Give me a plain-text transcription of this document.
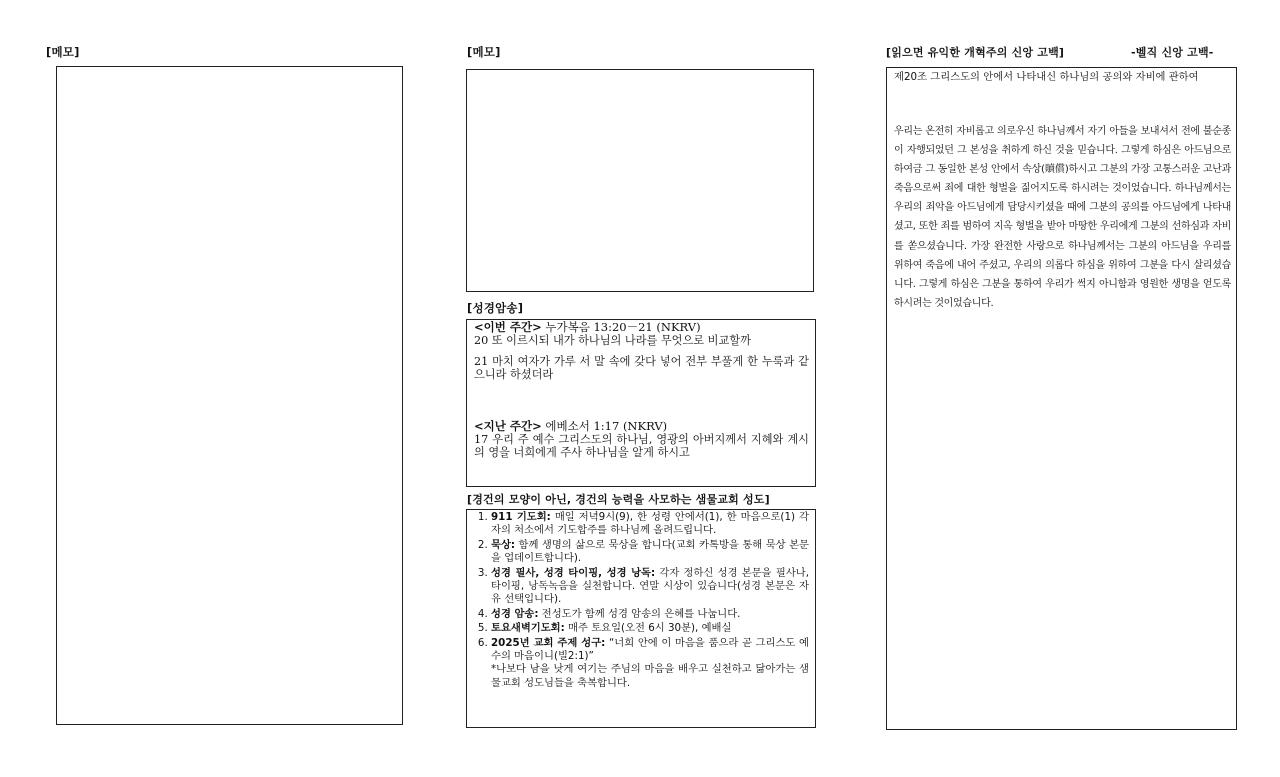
[메모]	[메모]
[성경암송]
<이번 주간> 누가복음 13:20－21 (NKRV)
20 또 이르시되 내가 하나님의 나라를 무엇으로 비교할까
21 마치 여자가 가루 서 말 속에 갖다 넣어 전부 부풀게 한 누룩과 같으니라 하셨더라
<지난 주간> 에베소서 1:17 (NKRV)
17 우리 주 예수 그리스도의 하나님, 영광의 아버지께서 지혜와 계시의 영을 너희에게 주사 하나님을 알게 하시고
[경건의 모양이 아닌, 경건의 능력을 사모하는 샘물교회 성도]
1. 911 기도회: 매일 저녁9시(9), 한 성령 안에서(1), 한 마음으로(1) 각자의 처소에서 기도합주를 하나님께 올려드립니다.
2. 묵상: 함께 생명의 삶으로 묵상을 합니다(교회 카톡방을 통해 묵상 본문을 업데이트합니다).
3. 성경 필사, 성경 타이핑, 성경 낭독: 각자 정하신 성경 본문을 필사나, 타이핑, 낭독녹음을 실천합니다. 연말 시상이 있습니다(성경 본문은 자유 선택입니다).
4. 성경 암송: 전성도가 함께 성경 암송의 은혜를 나눕니다.
5. 토요새벽기도회: 매주 토요일(오전 6시 30분), 예배실
6. 2025년 교회 주제 성구: “너희 안에 이 마음을 품으라 곧 그리스도 예수의 마음이니(빌2:1)”
*나보다 남을 낫게 여기는 주님의 마음을 배우고 실천하고 닮아가는 샘물교회 성도님들을 축복합니다.
[읽으면 유익한 개혁주의 신앙 고백]	-벨직 신앙 고백-
제20조 그리스도의 안에서 나타내신 하나님의 공의와 자비에 관하여
우리는 온전히 자비롭고 의로우신 하나님께서 자기 아들을 보내셔서 전에 불순종이 자행되었던 그 본성을 취하게 하신 것을 믿습니다. 그렇게 하심은 아드님으로 하여금 그 동일한 본성 안에서 속상(贖償)하시고 그분의 가장 고통스러운 고난과 죽음으로써 죄에 대한 형벌을 짊어지도록 하시려는 것이었습니다. 하나님께서는 우리의 죄악을 아드님에게 담당시키셨을 때에 그분의 공의를 아드님에게 나타내셨고, 또한 죄를 범하여 지옥 형벌을 받아 마땅한 우리에게 그분의 선하심과 자비를 쏟으셨습니다. 가장 완전한 사랑으로 하나님께서는 그분의 아드님을 우리를 위하여 죽음에 내어 주셨고, 우리의 의롭다 하심을 위하여 그분을 다시 살리셨습니다. 그렇게 하심은 그분을 통하여 우리가 썩지 아니함과 영원한 생명을 얻도록 하시려는 것이었습니다.
